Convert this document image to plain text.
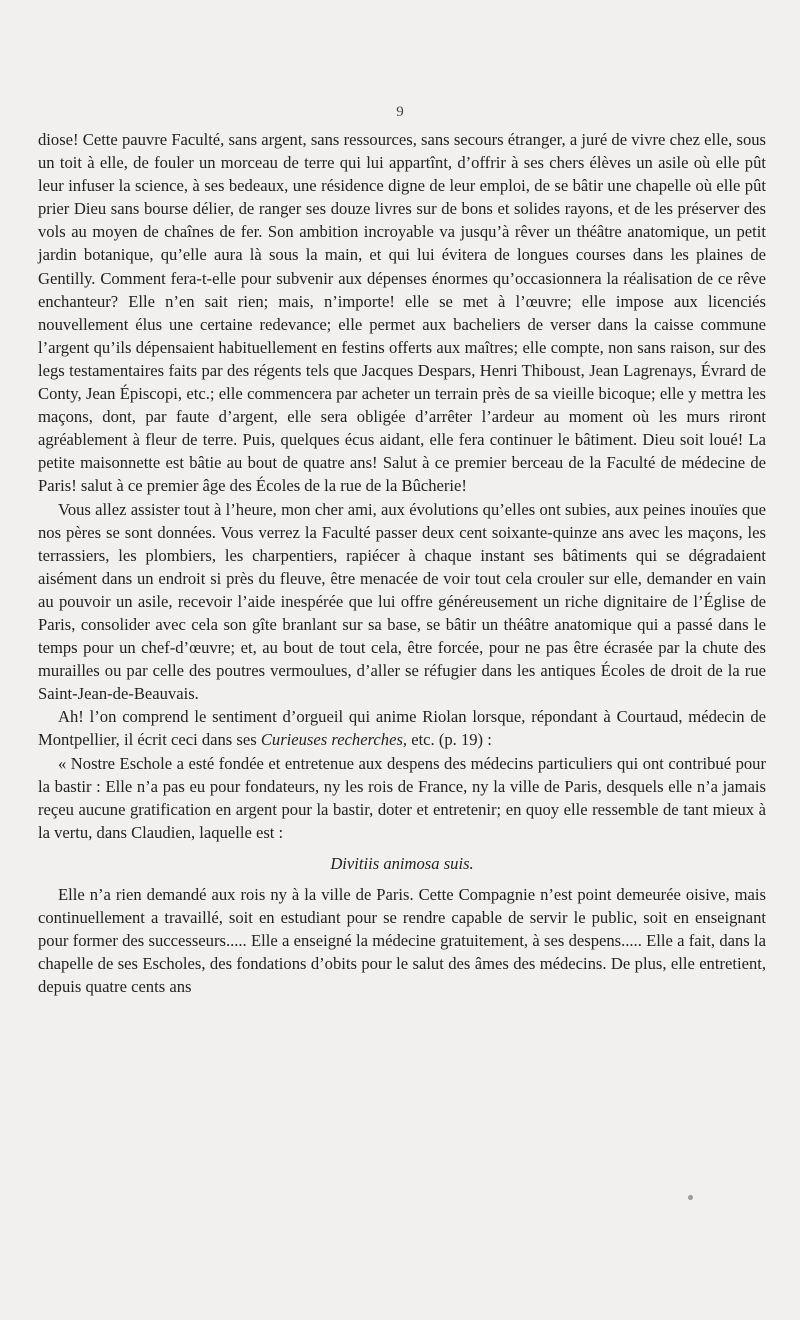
9

diose! Cette pauvre Faculté, sans argent, sans ressources, sans secours étranger, a juré de vivre chez elle, sous un toit à elle, de fouler un morceau de terre qui lui appartînt, d’offrir à ses chers élèves un asile où elle pût leur infuser la science, à ses bedeaux, une résidence digne de leur emploi, de se bâtir une chapelle où elle pût prier Dieu sans bourse délier, de ranger ses douze livres sur de bons et solides rayons, et de les préserver des vols au moyen de chaînes de fer. Son ambition incroyable va jusqu’à rêver un théâtre anatomique, un petit jardin botanique, qu’elle aura là sous la main, et qui lui évitera de longues courses dans les plaines de Gentilly. Comment fera-t-elle pour subvenir aux dépenses énormes qu’occasionnera la réalisation de ce rêve enchanteur? Elle n’en sait rien; mais, n’importe! elle se met à l’œuvre; elle impose aux licenciés nouvellement élus une certaine redevance; elle permet aux bacheliers de verser dans la caisse commune l’argent qu’ils dépensaient habituellement en festins offerts aux maîtres; elle compte, non sans raison, sur des legs testamentaires faits par des régents tels que Jacques Despars, Henri Thiboust, Jean Lagrenays, Évrard de Conty, Jean Épiscopi, etc.; elle commencera par acheter un terrain près de sa vieille bicoque; elle y mettra les maçons, dont, par faute d’argent, elle sera obligée d’arrêter l’ardeur au moment où les murs riront agréablement à fleur de terre. Puis, quelques écus aidant, elle fera continuer le bâtiment. Dieu soit loué! La petite maisonnette est bâtie au bout de quatre ans! Salut à ce premier berceau de la Faculté de médecine de Paris! salut à ce premier âge des Écoles de la rue de la Bûcherie!

Vous allez assister tout à l’heure, mon cher ami, aux évolutions qu’elles ont subies, aux peines inouïes que nos pères se sont données. Vous verrez la Faculté passer deux cent soixante-quinze ans avec les maçons, les terrassiers, les plombiers, les charpentiers, rapiécer à chaque instant ses bâtiments qui se dégradaient aisément dans un endroit si près du fleuve, être menacée de voir tout cela crouler sur elle, demander en vain au pouvoir un asile, recevoir l’aide inespérée que lui offre généreusement un riche dignitaire de l’Église de Paris, consolider avec cela son gîte branlant sur sa base, se bâtir un théâtre anatomique qui a passé dans le temps pour un chef-d’œuvre; et, au bout de tout cela, être forcée, pour ne pas être écrasée par la chute des murailles ou par celle des poutres vermoulues, d’aller se réfugier dans les antiques Écoles de droit de la rue Saint-Jean-de-Beauvais.

Ah! l’on comprend le sentiment d’orgueil qui anime Riolan lorsque, répondant à Courtaud, médecin de Montpellier, il écrit ceci dans ses Curieuses recherches, etc. (p. 19) :

« Nostre Eschole a esté fondée et entretenue aux despens des médecins particuliers qui ont contribué pour la bastir : Elle n’a pas eu pour fondateurs, ny les rois de France, ny la ville de Paris, desquels elle n’a jamais reçeu aucune gratification en argent pour la bastir, doter et entretenir; en quoy elle ressemble de tant mieux à la vertu, dans Claudien, laquelle est :

Divitiis animosa suis.

Elle n’a rien demandé aux rois ny à la ville de Paris. Cette Compagnie n’est point demeurée oisive, mais continuellement a travaillé, soit en estudiant pour se rendre capable de servir le public, soit en enseignant pour former des successeurs..... Elle a enseigné la médecine gratuitement, à ses despens..... Elle a fait, dans la chapelle de ses Escholes, des fondations d’obits pour le salut des âmes des médecins. De plus, elle entretient, depuis quatre cents ans
